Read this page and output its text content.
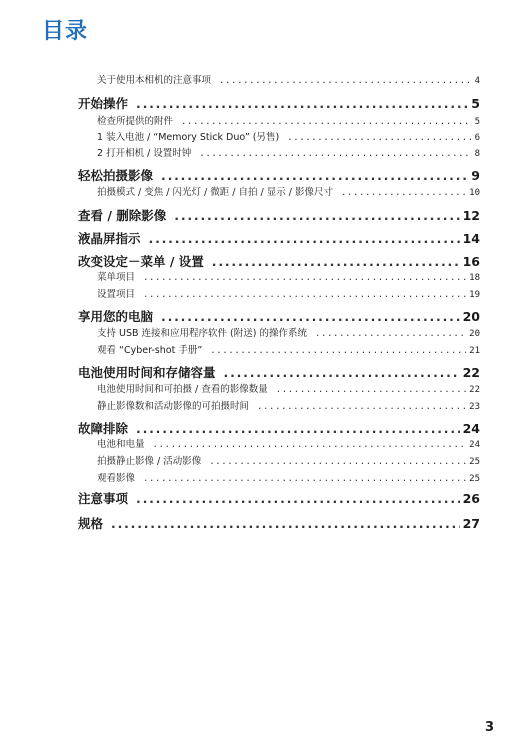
目录
关于使用本相机的注意事项 .....	4
开始操作 .....	5
检查所提供的附件 .....	5
1 装入电池 / “Memory Stick Duo” (另售) .....	6
2 打开相机 / 设置时钟 .....	8
轻松拍摄影像 .....	9
拍摄模式 / 变焦 / 闪光灯 / 微距 / 自拍 / 显示 / 影像尺寸 .....	10
查看 / 删除影像 .....	12
液晶屏指示 .....	14
改变设定－菜单 / 设置 .....	16
菜单项目 .....	18
设置项目 .....	19
享用您的电脑 .....	20
支持 USB 连接和应用程序软件 (附送) 的操作系统 .....	20
观看 “Cyber-shot 手册” .....	21
电池使用时间和存储容量 .....	22
电池使用时间和可拍摄 / 查看的影像数量 .....	22
静止影像数和活动影像的可拍摄时间 .....	23
故障排除 .....	24
电池和电量 .....	24
拍摄静止影像 / 活动影像 .....	25
观看影像 .....	25
注意事项 .....	26
规格 .....	27
3
